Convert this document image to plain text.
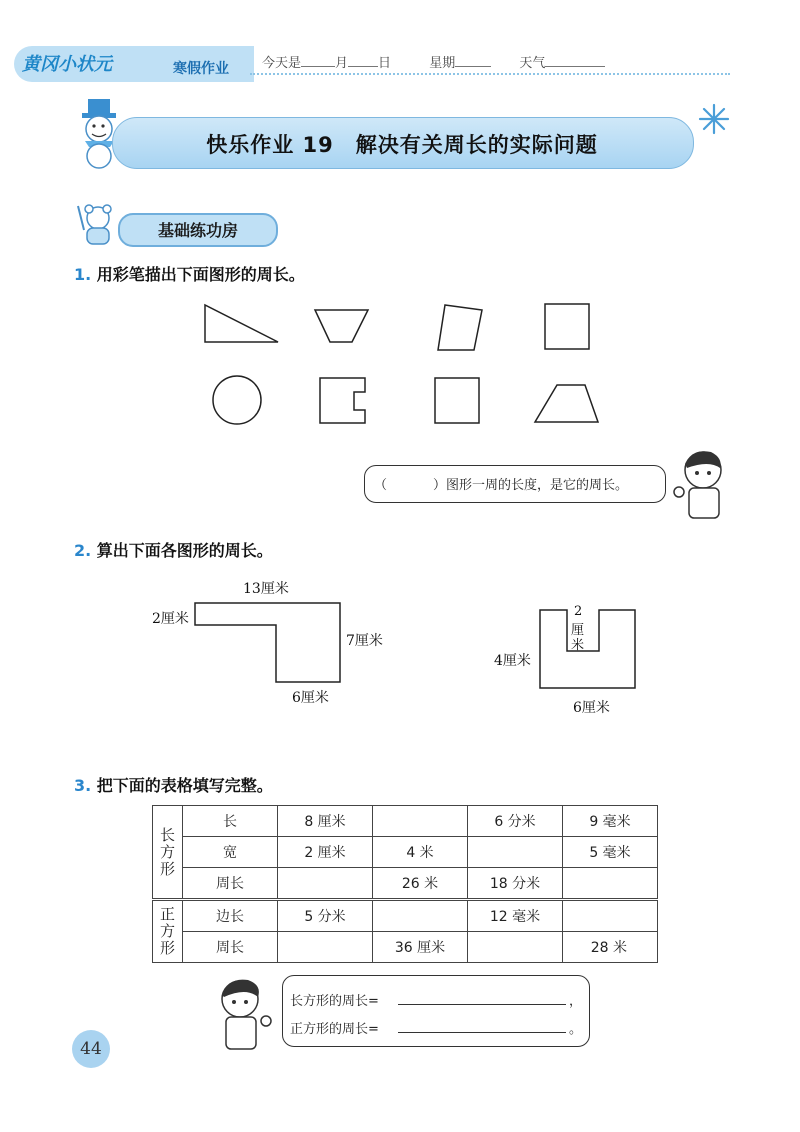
黄冈小状元	寒假作业	今天是	月 日	星期	天气
快乐作业 19　解决有关周长的实际问题
基础练功房
1. 用彩笔描出下面图形的周长。
（	）图形一周的长度，是它的周长。
2. 算出下面各图形的周长。
13厘米
2厘米
7厘米
6厘米
2
厘
米
4厘米
6厘米
3. 把下面的表格填写完整。
长
方
形	长	8 厘米		6 分米	9 毫米
	宽	2 厘米	4 米		5 毫米
	周长		26 米	18 分米	
正
方
形	边长	5 分米		12 毫米	
	周长		36 厘米		28 米
长方形的周长=	，
正方形的周长=	。
44
